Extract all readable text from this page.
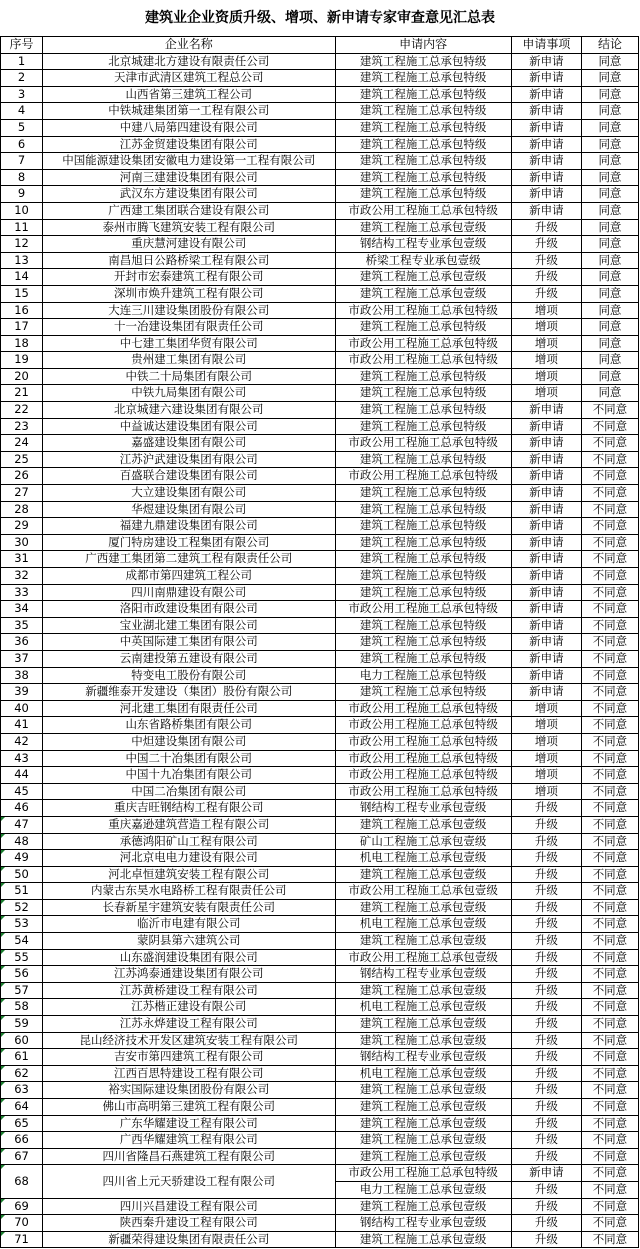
建筑业企业资质升级、增项、新申请专家审查意见汇总表
序号	企业名称	申请内容	申请事项	结论
1	北京城建北方建设有限责任公司	建筑工程施工总承包特级	新申请	同意
2	天津市武清区建筑工程总公司	建筑工程施工总承包特级	新申请	同意
3	山西省第三建筑工程公司	建筑工程施工总承包特级	新申请	同意
4	中铁城建集团第一工程有限公司	建筑工程施工总承包特级	新申请	同意
5	中建八局第四建设有限公司	建筑工程施工总承包特级	新申请	同意
6	江苏金贸建设集团有限公司	建筑工程施工总承包特级	新申请	同意
7	中国能源建设集团安徽电力建设第一工程有限公司	建筑工程施工总承包特级	新申请	同意
8	河南三建建设集团有限公司	建筑工程施工总承包特级	新申请	同意
9	武汉东方建设集团有限公司	建筑工程施工总承包特级	新申请	同意
10	广西建工集团联合建设有限公司	市政公用工程施工总承包特级	新申请	同意
11	泰州市腾飞建筑安装工程有限公司	建筑工程施工总承包壹级	升级	同意
12	重庆慧河建设有限公司	钢结构工程专业承包壹级	升级	同意
13	南昌旭日公路桥梁工程有限公司	桥梁工程专业承包壹级	升级	同意
14	开封市宏泰建筑工程有限公司	建筑工程施工总承包壹级	升级	同意
15	深圳市焕升建筑工程有限公司	建筑工程施工总承包壹级	升级	同意
16	大连三川建设集团股份有限公司	市政公用工程施工总承包特级	增项	同意
17	十一冶建设集团有限责任公司	建筑工程施工总承包特级	增项	同意
18	中七建工集团华贸有限公司	市政公用工程施工总承包特级	增项	同意
19	贵州建工集团有限公司	市政公用工程施工总承包特级	增项	同意
20	中铁二十局集团有限公司	建筑工程施工总承包特级	增项	同意
21	中铁九局集团有限公司	建筑工程施工总承包特级	增项	同意
22	北京城建六建设集团有限公司	建筑工程施工总承包特级	新申请	不同意
23	中益诚达建设集团有限公司	建筑工程施工总承包特级	新申请	不同意
24	嘉盛建设集团有限公司	市政公用工程施工总承包特级	新申请	不同意
25	江苏沪武建设集团有限公司	建筑工程施工总承包特级	新申请	不同意
26	百盛联合建设集团有限公司	市政公用工程施工总承包特级	新申请	不同意
27	大立建设集团有限公司	建筑工程施工总承包特级	新申请	不同意
28	华煜建设集团有限公司	建筑工程施工总承包特级	新申请	不同意
29	福建九鼎建设集团有限公司	建筑工程施工总承包特级	新申请	不同意
30	厦门特房建设工程集团有限公司	建筑工程施工总承包特级	新申请	不同意
31	广西建工集团第二建筑工程有限责任公司	建筑工程施工总承包特级	新申请	不同意
32	成都市第四建筑工程公司	建筑工程施工总承包特级	新申请	不同意
33	四川南鼎建设有限公司	建筑工程施工总承包特级	新申请	不同意
34	洛阳市政建设集团有限公司	市政公用工程施工总承包特级	新申请	不同意
35	宝业湖北建工集团有限公司	建筑工程施工总承包特级	新申请	不同意
36	中英国际建工集团有限公司	建筑工程施工总承包特级	新申请	不同意
37	云南建投第五建设有限公司	建筑工程施工总承包特级	新申请	不同意
38	特变电工股份有限公司	电力工程施工总承包特级	新申请	不同意
39	新疆维泰开发建设（集团）股份有限公司	建筑工程施工总承包特级	新申请	不同意
40	河北建工集团有限责任公司	市政公用工程施工总承包特级	增项	不同意
41	山东省路桥集团有限公司	市政公用工程施工总承包特级	增项	不同意
42	中炟建设集团有限公司	市政公用工程施工总承包特级	增项	不同意
43	中国二十冶集团有限公司	市政公用工程施工总承包特级	增项	不同意
44	中国十九冶集团有限公司	市政公用工程施工总承包特级	增项	不同意
45	中国二冶集团有限公司	市政公用工程施工总承包特级	增项	不同意
46	重庆吉旺钢结构工程有限公司	钢结构工程专业承包壹级	升级	不同意
47	重庆嘉逊建筑营造工程有限公司	建筑工程施工总承包壹级	升级	不同意
48	承德鸿阳矿山工程有限公司	矿山工程施工总承包壹级	升级	不同意
49	河北京电电力建设有限公司	机电工程施工总承包壹级	升级	不同意
50	河北卓恒建筑安装工程有限公司	建筑工程施工总承包壹级	升级	不同意
51	内蒙古东昊水电路桥工程有限责任公司	市政公用工程施工总承包壹级	升级	不同意
52	长春新星宇建筑安装有限责任公司	建筑工程施工总承包壹级	升级	不同意
53	临沂市电建有限公司	机电工程施工总承包壹级	升级	不同意
54	蒙阴县第六建筑公司	建筑工程施工总承包壹级	升级	不同意
55	山东盛润建设集团有限公司	市政公用工程施工总承包壹级	升级	不同意
56	江苏鸿泰通建设集团有限公司	钢结构工程专业承包壹级	升级	不同意
57	江苏黄桥建设工程有限公司	建筑工程施工总承包壹级	升级	不同意
58	江苏楷正建设有限公司	机电工程施工总承包壹级	升级	不同意
59	江苏永烨建设工程有限公司	建筑工程施工总承包壹级	升级	不同意
60	昆山经济技术开发区建筑安装工程有限公司	建筑工程施工总承包壹级	升级	不同意
61	吉安市第四建筑工程有限公司	钢结构工程专业承包壹级	升级	不同意
62	江西百思特建设工程有限公司	机电工程施工总承包壹级	升级	不同意
63	裕实国际建设集团股份有限公司	建筑工程施工总承包壹级	升级	不同意
64	佛山市高明第三建筑工程有限公司	建筑工程施工总承包壹级	升级	不同意
65	广东华耀建设工程有限公司	建筑工程施工总承包壹级	升级	不同意
66	广西华耀建筑工程有限公司	建筑工程施工总承包壹级	升级	不同意
67	四川省隆昌石燕建筑工程有限公司	建筑工程施工总承包壹级	升级	不同意
68	四川省上元天骄建设工程有限公司	市政公用工程施工总承包特级	新申请	不同意
		电力工程施工总承包壹级	升级	不同意
69	四川兴昌建设工程有限公司	建筑工程施工总承包壹级	升级	不同意
70	陕西秦升建设工程有限公司	钢结构工程专业承包壹级	升级	不同意
71	新疆荣得建设集团有限责任公司	建筑工程施工总承包壹级	升级	不同意
